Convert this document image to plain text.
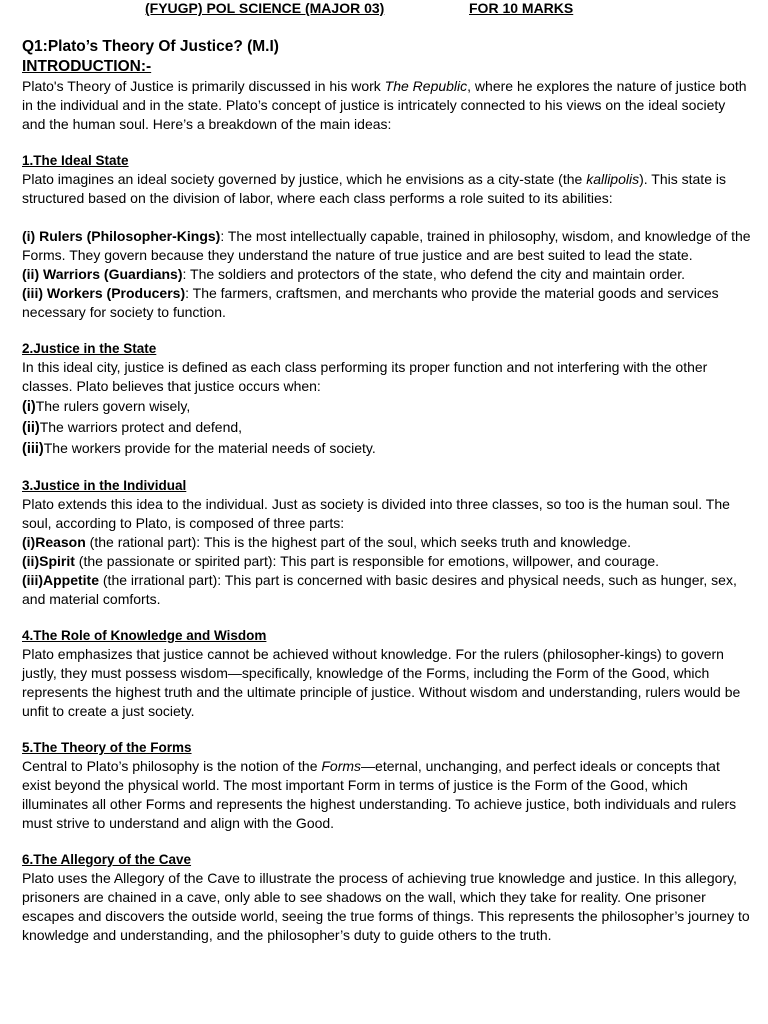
(FYUGP) POL SCIENCE (MAJOR 03)	FOR 10 MARKS
Q1:Plato’s Theory Of Justice? (M.I)
INTRODUCTION:-

Plato's Theory of Justice is primarily discussed in his work The Republic, where he explores the nature of justice both in the individual and in the state. Plato’s concept of justice is intricately connected to his views on the ideal society and the human soul. Here’s a breakdown of the main ideas:

1.The Ideal State

Plato imagines an ideal society governed by justice, which he envisions as a city-state (the kallipolis). This state is structured based on the division of labor, where each class performs a role suited to its abilities:

(i) Rulers (Philosopher-Kings): The most intellectually capable, trained in philosophy, wisdom, and knowledge of the Forms. They govern because they understand the nature of true justice and are best suited to lead the state.

(ii) Warriors (Guardians): The soldiers and protectors of the state, who defend the city and maintain order.

(iii) Workers (Producers): The farmers, craftsmen, and merchants who provide the material goods and services necessary for society to function.

2.Justice in the State

In this ideal city, justice is defined as each class performing its proper function and not interfering with the other classes. Plato believes that justice occurs when:

(i)The rulers govern wisely,

(ii)The warriors protect and defend,

(iii)The workers provide for the material needs of society.

3.Justice in the Individual

Plato extends this idea to the individual. Just as society is divided into three classes, so too is the human soul. The soul, according to Plato, is composed of three parts:

(i)Reason (the rational part): This is the highest part of the soul, which seeks truth and knowledge.

(ii)Spirit (the passionate or spirited part): This part is responsible for emotions, willpower, and courage.

(iii)Appetite (the irrational part): This part is concerned with basic desires and physical needs, such as hunger, sex, and material comforts.

4.The Role of Knowledge and Wisdom

Plato emphasizes that justice cannot be achieved without knowledge. For the rulers (philosopher-kings) to govern justly, they must possess wisdom—specifically, knowledge of the Forms, including the Form of the Good, which represents the highest truth and the ultimate principle of justice. Without wisdom and understanding, rulers would be unfit to create a just society.

5.The Theory of the Forms

Central to Plato’s philosophy is the notion of the Forms—eternal, unchanging, and perfect ideals or concepts that exist beyond the physical world. The most important Form in terms of justice is the Form of the Good, which illuminates all other Forms and represents the highest understanding. To achieve justice, both individuals and rulers must strive to understand and align with the Good.

6.The Allegory of the Cave

Plato uses the Allegory of the Cave to illustrate the process of achieving true knowledge and justice. In this allegory, prisoners are chained in a cave, only able to see shadows on the wall, which they take for reality. One prisoner escapes and discovers the outside world, seeing the true forms of things. This represents the philosopher’s journey to knowledge and understanding, and the philosopher’s duty to guide others to the truth.
